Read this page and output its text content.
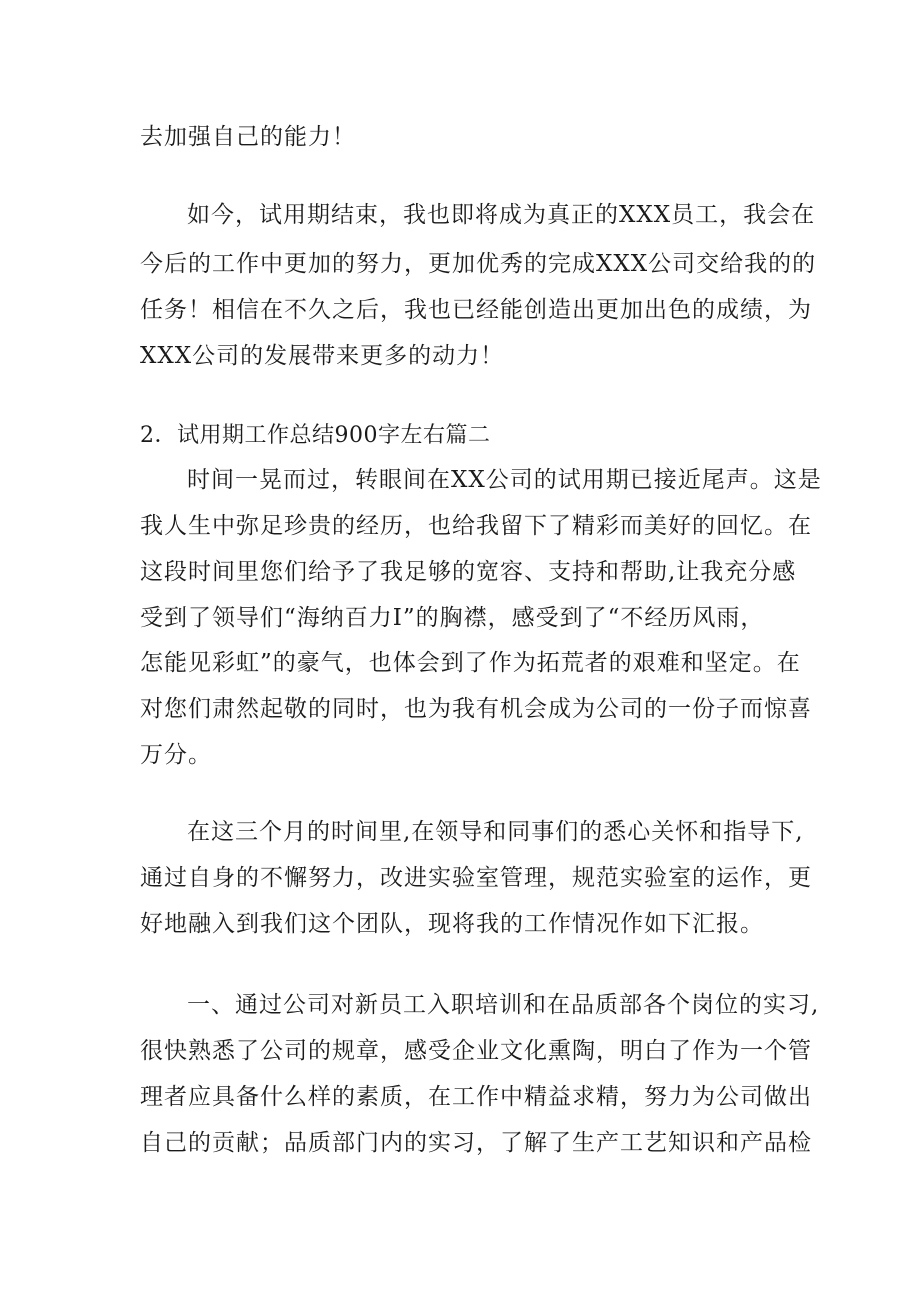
去加强自己的能力！
如今，试用期结束，我也即将成为真正的XXX员工，我会在
今后的工作中更加的努力，更加优秀的完成XXX公司交给我的的
任务！相信在不久之后，我也已经能创造出更加出色的成绩，为
XXX公司的发展带来更多的动力！
2．试用期工作总结900字左右篇二
时间一晃而过，转眼间在XX公司的试用期已接近尾声。这是
我人生中弥足珍贵的经历，也给我留下了精彩而美好的回忆。在
这段时间里您们给予了我足够的宽容、支持和帮助,让我充分感
受到了领导们“海纳百力I”的胸襟，感受到了“不经历风雨，
怎能见彩虹”的豪气，也体会到了作为拓荒者的艰难和坚定。在
对您们肃然起敬的同时，也为我有机会成为公司的一份子而惊喜
万分。
在这三个月的时间里,在领导和同事们的悉心关怀和指导下,
通过自身的不懈努力，改进实验室管理，规范实验室的运作，更
好地融入到我们这个团队，现将我的工作情况作如下汇报。
一、通过公司对新员工入职培训和在品质部各个岗位的实习,
很快熟悉了公司的规章，感受企业文化熏陶，明白了作为一个管
理者应具备什么样的素质，在工作中精益求精，努力为公司做出
自己的贡献；品质部门内的实习，了解了生产工艺知识和产品检
